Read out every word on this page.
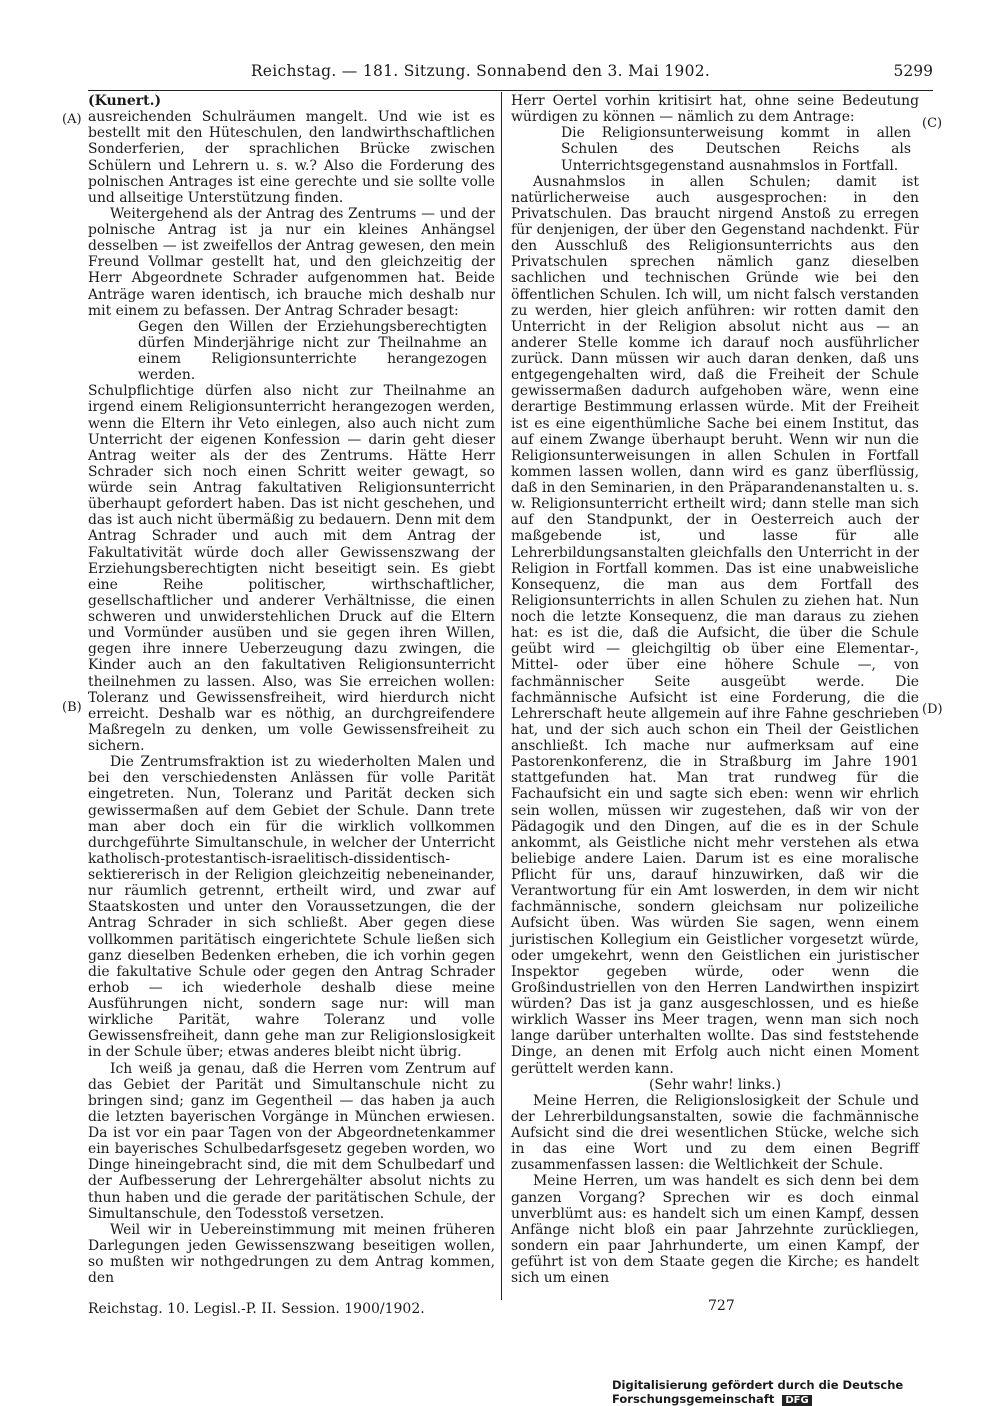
Reichstag. — 181. Sitzung. Sonnabend den 3. Mai 1902.	5299
(A)
(B)
(C)
(D)

(Kunert.)

ausreichenden Schulräumen mangelt. Und wie ist es bestellt mit den Hüteschulen, den landwirthschaftlichen Sonderferien, der sprachlichen Brücke zwischen Schülern und Lehrern u. s. w.? Also die Forderung des polnischen Antrages ist eine gerechte und sie sollte volle und allseitige Unterstützung finden.

Weitergehend als der Antrag des Zentrums — und der polnische Antrag ist ja nur ein kleines Anhängsel desselben — ist zweifellos der Antrag gewesen, den mein Freund Vollmar gestellt hat, und den gleichzeitig der Herr Abgeordnete Schrader aufgenommen hat. Beide Anträge waren identisch, ich brauche mich deshalb nur mit einem zu befassen. Der Antrag Schrader besagt:

Gegen den Willen der Erziehungsberechtigten dürfen Minderjährige nicht zur Theilnahme an einem Religionsunterrichte herangezogen werden.

Schulpflichtige dürfen also nicht zur Theilnahme an irgend einem Religionsunterricht herangezogen werden, wenn die Eltern ihr Veto einlegen, also auch nicht zum Unterricht der eigenen Konfession — darin geht dieser Antrag weiter als der des Zentrums. Hätte Herr Schrader sich noch einen Schritt weiter gewagt, so würde sein Antrag fakultativen Religionsunterricht überhaupt gefordert haben. Das ist nicht geschehen, und das ist auch nicht übermäßig zu bedauern. Denn mit dem Antrag Schrader und auch mit dem Antrag der Fakultativität würde doch aller Gewissenszwang der Erziehungsberechtigten nicht beseitigt sein. Es giebt eine Reihe politischer, wirthschaftlicher, gesellschaftlicher und anderer Verhältnisse, die einen schweren und unwiderstehlichen Druck auf die Eltern und Vormünder ausüben und sie gegen ihren Willen, gegen ihre innere Ueberzeugung dazu zwingen, die Kinder auch an den fakultativen Religionsunterricht theilnehmen zu lassen. Also, was Sie erreichen wollen: Toleranz und Gewissensfreiheit, wird hierdurch nicht erreicht. Deshalb war es nöthig, an durchgreifendere Maßregeln zu denken, um volle Gewissensfreiheit zu sichern.

Die Zentrumsfraktion ist zu wiederholten Malen und bei den verschiedensten Anlässen für volle Parität eingetreten. Nun, Toleranz und Parität decken sich gewissermaßen auf dem Gebiet der Schule. Dann trete man aber doch ein für die wirklich vollkommen durchgeführte Simultanschule, in welcher der Unterricht katholisch-protestantisch-israelitisch-dissidentisch-sektiererisch in der Religion gleichzeitig nebeneinander, nur räumlich getrennt, ertheilt wird, und zwar auf Staatskosten und unter den Voraussetzungen, die der Antrag Schrader in sich schließt. Aber gegen diese vollkommen paritätisch eingerichtete Schule ließen sich ganz dieselben Bedenken erheben, die ich vorhin gegen die fakultative Schule oder gegen den Antrag Schrader erhob — ich wiederhole deshalb diese meine Ausführungen nicht, sondern sage nur: will man wirkliche Parität, wahre Toleranz und volle Gewissensfreiheit, dann gehe man zur Religionslosigkeit in der Schule über; etwas anderes bleibt nicht übrig.

Ich weiß ja genau, daß die Herren vom Zentrum auf das Gebiet der Parität und Simultanschule nicht zu bringen sind; ganz im Gegentheil — das haben ja auch die letzten bayerischen Vorgänge in München erwiesen. Da ist vor ein paar Tagen von der Abgeordnetenkammer ein bayerisches Schulbedarfsgesetz gegeben worden, wo Dinge hineingebracht sind, die mit dem Schulbedarf und der Aufbesserung der Lehrergehälter absolut nichts zu thun haben und die gerade der paritätischen Schule, der Simultanschule, den Todesstoß versetzen.

Weil wir in Uebereinstimmung mit meinen früheren Darlegungen jeden Gewissenszwang beseitigen wollen, so mußten wir nothgedrungen zu dem Antrag kommen, den

Herr Oertel vorhin kritisirt hat, ohne seine Bedeutung würdigen zu können — nämlich zu dem Antrage:

Die Religionsunterweisung kommt in allen Schulen des Deutschen Reichs als Unterrichtsgegenstand ausnahmslos in Fortfall.

Ausnahmslos in allen Schulen; damit ist natürlicherweise auch ausgesprochen: in den Privatschulen. Das braucht nirgend Anstoß zu erregen für denjenigen, der über den Gegenstand nachdenkt. Für den Ausschluß des Religionsunterrichts aus den Privatschulen sprechen nämlich ganz dieselben sachlichen und technischen Gründe wie bei den öffentlichen Schulen. Ich will, um nicht falsch verstanden zu werden, hier gleich anführen: wir rotten damit den Unterricht in der Religion absolut nicht aus — an anderer Stelle komme ich darauf noch ausführlicher zurück. Dann müssen wir auch daran denken, daß uns entgegengehalten wird, daß die Freiheit der Schule gewissermaßen dadurch aufgehoben wäre, wenn eine derartige Bestimmung erlassen würde. Mit der Freiheit ist es eine eigenthümliche Sache bei einem Institut, das auf einem Zwange überhaupt beruht. Wenn wir nun die Religionsunterweisungen in allen Schulen in Fortfall kommen lassen wollen, dann wird es ganz überflüssig, daß in den Seminarien, in den Präparandenanstalten u. s. w. Religionsunterricht ertheilt wird; dann stelle man sich auf den Standpunkt, der in Oesterreich auch der maßgebende ist, und lasse für alle Lehrerbildungsanstalten gleichfalls den Unterricht in der Religion in Fortfall kommen. Das ist eine unabweisliche Konsequenz, die man aus dem Fortfall des Religionsunterrichts in allen Schulen zu ziehen hat. Nun noch die letzte Konsequenz, die man daraus zu ziehen hat: es ist die, daß die Aufsicht, die über die Schule geübt wird — gleichgiltig ob über eine Elementar-, Mittel- oder über eine höhere Schule —, von fachmännischer Seite ausgeübt werde. Die fachmännische Aufsicht ist eine Forderung, die die Lehrerschaft heute allgemein auf ihre Fahne geschrieben hat, und der sich auch schon ein Theil der Geistlichen anschließt. Ich mache nur aufmerksam auf eine Pastorenkonferenz, die in Straßburg im Jahre 1901 stattgefunden hat. Man trat rundweg für die Fachaufsicht ein und sagte sich eben: wenn wir ehrlich sein wollen, müssen wir zugestehen, daß wir von der Pädagogik und den Dingen, auf die es in der Schule ankommt, als Geistliche nicht mehr verstehen als etwa beliebige andere Laien. Darum ist es eine moralische Pflicht für uns, darauf hinzuwirken, daß wir die Verantwortung für ein Amt loswerden, in dem wir nicht fachmännische, sondern gleichsam nur polizeiliche Aufsicht üben. Was würden Sie sagen, wenn einem juristischen Kollegium ein Geistlicher vorgesetzt würde, oder umgekehrt, wenn den Geistlichen ein juristischer Inspektor gegeben würde, oder wenn die Großindustriellen von den Herren Landwirthen inspizirt würden? Das ist ja ganz ausgeschlossen, und es hieße wirklich Wasser ins Meer tragen, wenn man sich noch lange darüber unterhalten wollte. Das sind feststehende Dinge, an denen mit Erfolg auch nicht einen Moment gerüttelt werden kann.

(Sehr wahr! links.)

Meine Herren, die Religionslosigkeit der Schule und der Lehrerbildungsanstalten, sowie die fachmännische Aufsicht sind die drei wesentlichen Stücke, welche sich in das eine Wort und zu dem einen Begriff zusammenfassen lassen: die Weltlichkeit der Schule.

Meine Herren, um was handelt es sich denn bei dem ganzen Vorgang? Sprechen wir es doch einmal unverblümt aus: es handelt sich um einen Kampf, dessen Anfänge nicht bloß ein paar Jahrzehnte zurückliegen, sondern ein paar Jahrhunderte, um einen Kampf, der geführt ist von dem Staate gegen die Kirche; es handelt sich um einen

Reichstag. 10. Legisl.-P. II. Session. 1900/1902.	727
Digitalisierung gefördert durch die Deutsche Forschungsgemeinschaft DFG
